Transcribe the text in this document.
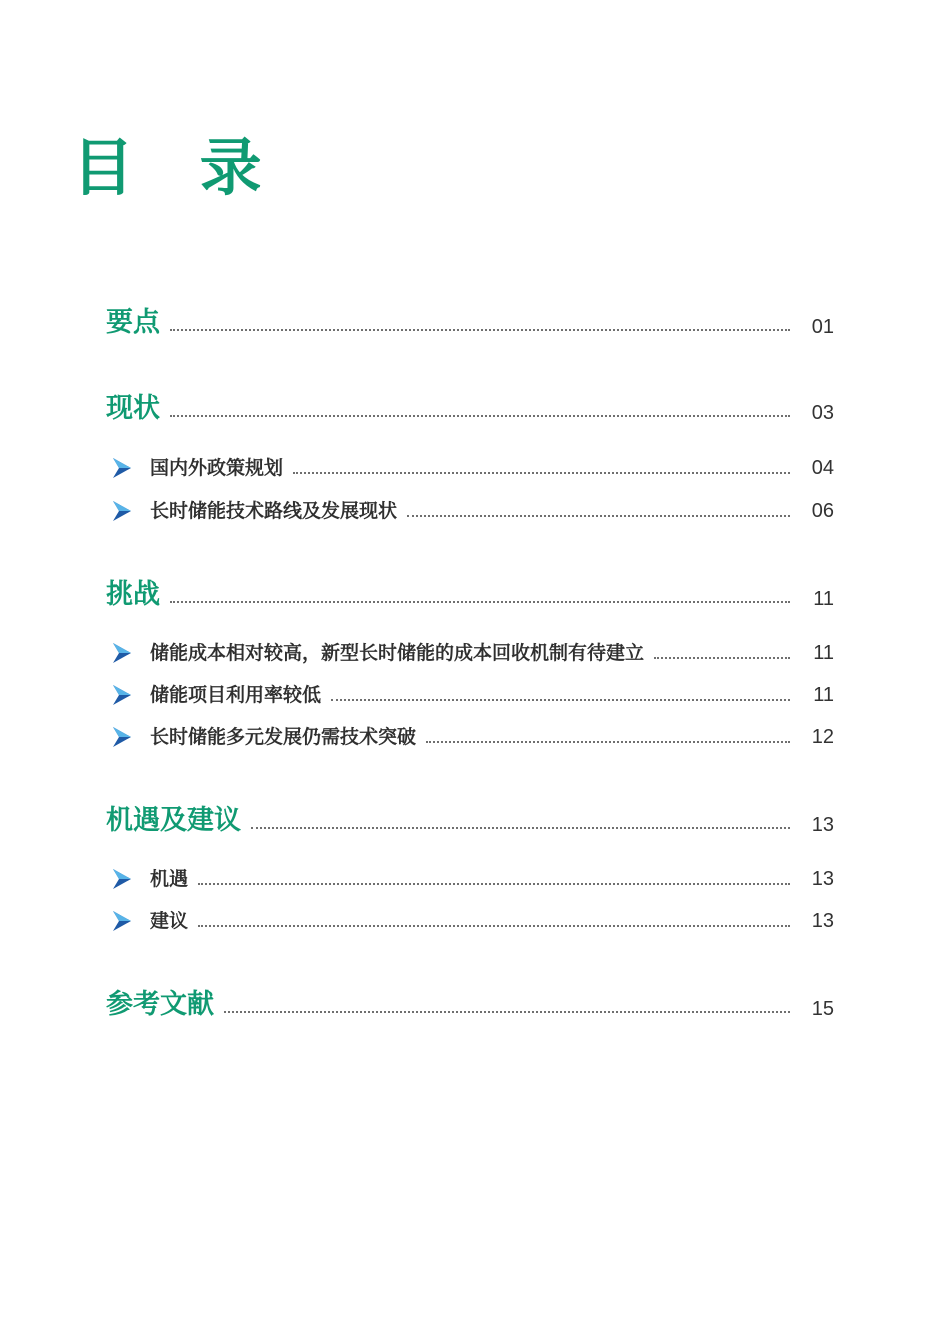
目 录
要点	01
现状	03
国内外政策规划	04
长时储能技术路线及发展现状	06
挑战	11
储能成本相对较高，新型长时储能的成本回收机制有待建立	11
储能项目利用率较低	11
长时储能多元发展仍需技术突破	12
机遇及建议	13
机遇	13
建议	13
参考文献	15
